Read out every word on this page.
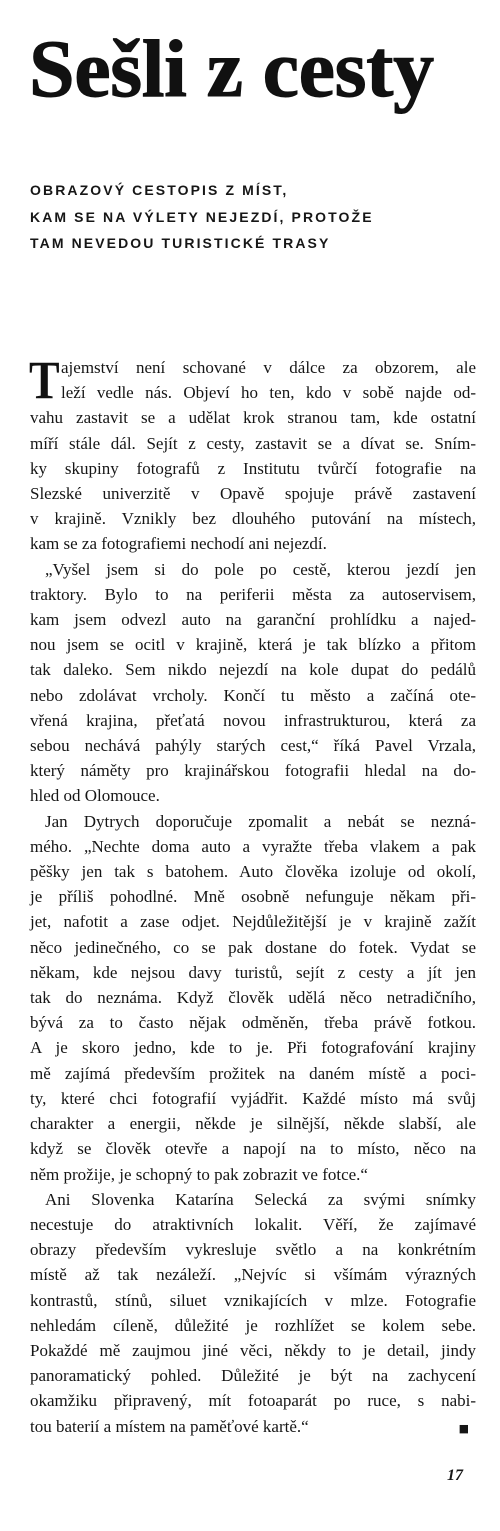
Sešli z cesty
OBRAZOVÝ CESTOPIS Z MÍST,
KAM SE NA VÝLETY NEJEZDÍ, PROTOŽE
TAM NEVEDOU TURISTICKÉ TRASY
T ajemství není schované v dálce za obzorem, ale
leží vedle nás. Objeví ho ten, kdo v sobě najde od-
vahu zastavit se a udělat krok stranou tam, kde ostatní
míří stále dál. Sejít z cesty, zastavit se a dívat se. Sním-
ky skupiny fotografů z Institutu tvůrčí fotografie na
Slezské univerzitě v Opavě spojuje právě zastavení
v krajině. Vznikly bez dlouhého putování na místech,
kam se za fotografiemi nechodí ani nejezdí.
„Vyšel jsem si do pole po cestě, kterou jezdí jen
traktory. Bylo to na periferii města za autoservisem,
kam jsem odvezl auto na garanční prohlídku a najed-
nou jsem se ocitl v krajině, která je tak blízko a přitom
tak daleko. Sem nikdo nejezdí na kole dupat do pedálů
nebo zdolávat vrcholy. Končí tu město a začíná ote-
vřená krajina, přeťatá novou infrastrukturou, která za
sebou nechává pahýly starých cest,“ říká Pavel Vrzala,
který náměty pro krajinářskou fotografii hledal na do-
hled od Olomouce.
Jan Dytrych doporučuje zpomalit a nebát se nezná-
mého. „Nechte doma auto a vyražte třeba vlakem a pak
pěšky jen tak s batohem. Auto člověka izoluje od okolí,
je příliš pohodlné. Mně osobně nefunguje někam při-
jet, nafotit a zase odjet. Nejdůležitější je v krajině zažít
něco jedinečného, co se pak dostane do fotek. Vydat se
někam, kde nejsou davy turistů, sejít z cesty a jít jen
tak do neznáma. Když člověk udělá něco netradičního,
bývá za to často nějak odměněn, třeba právě fotkou.
A je skoro jedno, kde to je. Při fotografování krajiny
mě zajímá především prožitek na daném místě a poci-
ty, které chci fotografií vyjádřit. Každé místo má svůj
charakter a energii, někde je silnější, někde slabší, ale
když se člověk otevře a napojí na to místo, něco na
něm prožije, je schopný to pak zobrazit ve fotce.“
Ani Slovenka Katarína Selecká za svými snímky
necestuje do atraktivních lokalit. Věří, že zajímavé
obrazy především vykresluje světlo a na konkrétním
místě až tak nezáleží. „Nejvíc si všímám výrazných
kontrastů, stínů, siluet vznikajících v mlze. Fotografie
nehledám cíleně, důležité je rozhlížet se kolem sebe.
Pokaždé mě zaujmou jiné věci, někdy to je detail, jindy
panoramatický pohled. Důležité je být na zachycení
okamžiku připravený, mít fotoaparát po ruce, s nabi-
tou baterií a místem na paměťové kartě.“	■
17
